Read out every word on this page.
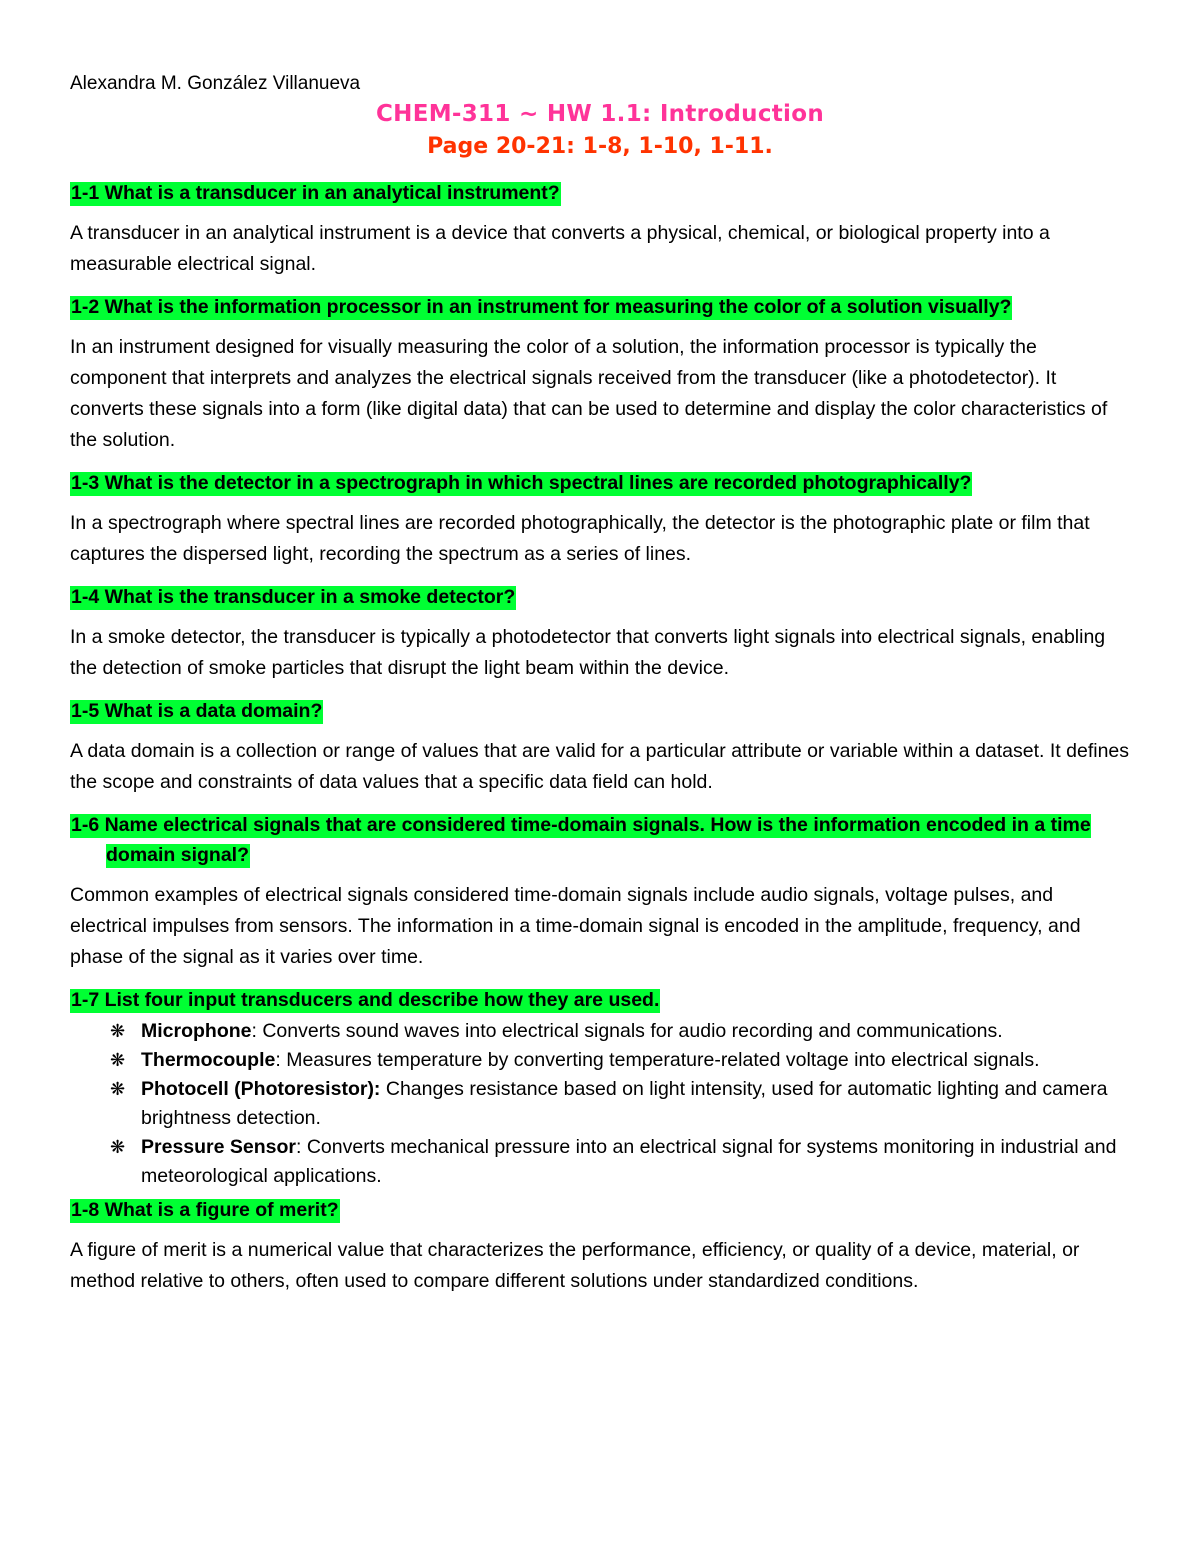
Alexandra M. González Villanueva

CHEM-311 ~ HW 1.1: Introduction

Page 20-21: 1-8, 1-10, 1-11.

1-1 What is a transducer in an analytical instrument?

A transducer in an analytical instrument is a device that converts a physical, chemical, or biological property into a measurable electrical signal.

1-2 What is the information processor in an instrument for measuring the color of a solution visually?

In an instrument designed for visually measuring the color of a solution, the information processor is typically the component that interprets and analyzes the electrical signals received from the transducer (like a photodetector). It converts these signals into a form (like digital data) that can be used to determine and display the color characteristics of the solution.

1-3 What is the detector in a spectrograph in which spectral lines are recorded photographically?

In a spectrograph where spectral lines are recorded photographically, the detector is the photographic plate or film that captures the dispersed light, recording the spectrum as a series of lines.

1-4 What is the transducer in a smoke detector?

In a smoke detector, the transducer is typically a photodetector that converts light signals into electrical signals, enabling the detection of smoke particles that disrupt the light beam within the device.

1-5 What is a data domain?

A data domain is a collection or range of values that are valid for a particular attribute or variable within a dataset. It defines the scope and constraints of data values that a specific data field can hold.

1-6 Name electrical signals that are considered time-domain signals. How is the information encoded in a time domain signal?

Common examples of electrical signals considered time-domain signals include audio signals, voltage pulses, and electrical impulses from sensors. The information in a time-domain signal is encoded in the amplitude, frequency, and phase of the signal as it varies over time.

1-7 List four input transducers and describe how they are used.

❋ Microphone: Converts sound waves into electrical signals for audio recording and communications.
❋ Thermocouple: Measures temperature by converting temperature-related voltage into electrical signals.
❋ Photocell (Photoresistor): Changes resistance based on light intensity, used for automatic lighting and camera brightness detection.
❋ Pressure Sensor: Converts mechanical pressure into an electrical signal for systems monitoring in industrial and meteorological applications.

1-8 What is a figure of merit?

A figure of merit is a numerical value that characterizes the performance, efficiency, or quality of a device, material, or method relative to others, often used to compare different solutions under standardized conditions.
